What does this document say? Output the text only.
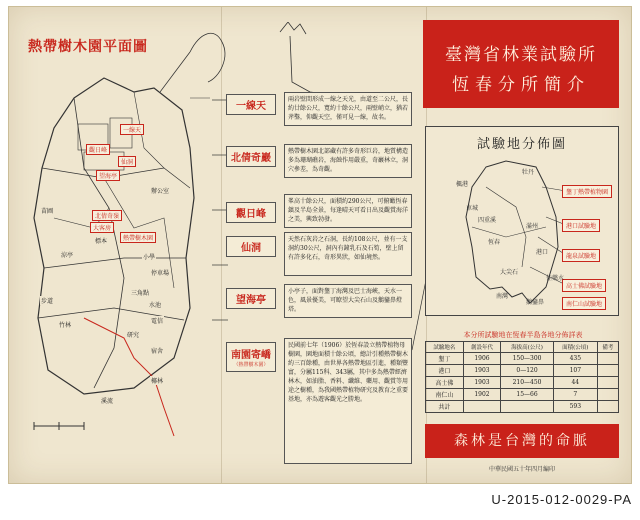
熱帶樹木園平面圖
一線天
觀日峰
仙洞
望海亭
北倩奇嶺
大客房
熱帶樹木園
苗圃
辦公室
小學
涼亭
停車場
三角點
水池
步道
電信
研究
宿舍
標本
竹林
椰林
溪流
一線天
兩岩壁間形成一線之天光，由道至二公尺，長約廿餘公尺，寬約十餘公尺，兩壁峭立，猶若斧鑿，仰觀天空，僅可見一線，故名。
北倩奇巖
熱帶樹木園北部藏有許多奇形巨岩，地質構造多為珊瑚礁岩，海蝕作用嚴重，奇巖林立，洞穴參差，為奇觀。
觀日峰
峯高十餘公尺，面積約290公尺，可俯瞰恆春鎮及半島全景，每逢晴天可看日出及觀賞海洋之美，興致勃發。
仙洞
天然石灰岩之石洞，長約108公尺，並有一支洞約30公尺，洞內有鐘乳石及石筍，壁上留有許多化石，奇形異狀，如仙境然。
望海亭
小亭子，面對墾丁海灣及巴士海峽，天水一色，風景優美，可瞭望大尖石山及鵝鑾鼻燈塔。
南園寄嶠
（熱帶樹木園）
民國前七年（1906）於恆春設立熱帶植物母樹園，園地面積十餘公頃，總計引種熱帶樹木約三百餘種，由世界各熱帶地區引進，種類豐富，分屬115科、343屬，其中多為熱帶經濟林木，如油脂、香料、纖維、藥用、觀賞等用途之樹種，為我國熱帶植物研究及教育之重要基地，亦為遊客觀光之勝地。
臺灣省林業試驗所
恆春分所簡介
試驗地分佈圖
墾丁熱帶植物園
港口試驗地
龍泉試驗地
高士佛試驗地
南仁山試驗地
恆春
車城
四重溪
滿州
港口
大尖石
南灣
鵝鑾鼻
牡丹
楓港
佳樂水
本分所試驗地在恆春半島各地分佈詳表
試驗地名	創設年代	海拔高(公尺)	面積(公頃)	備考
墾丁	1906	150—300	435	
港口	1903	0—120	107	
高士佛	1903	210—450	44	
南仁山	1902	15—66	7	
共計			593	
森林是台灣的命脈
中華民國五十年四月編印
U-2015-012-0029-PA
